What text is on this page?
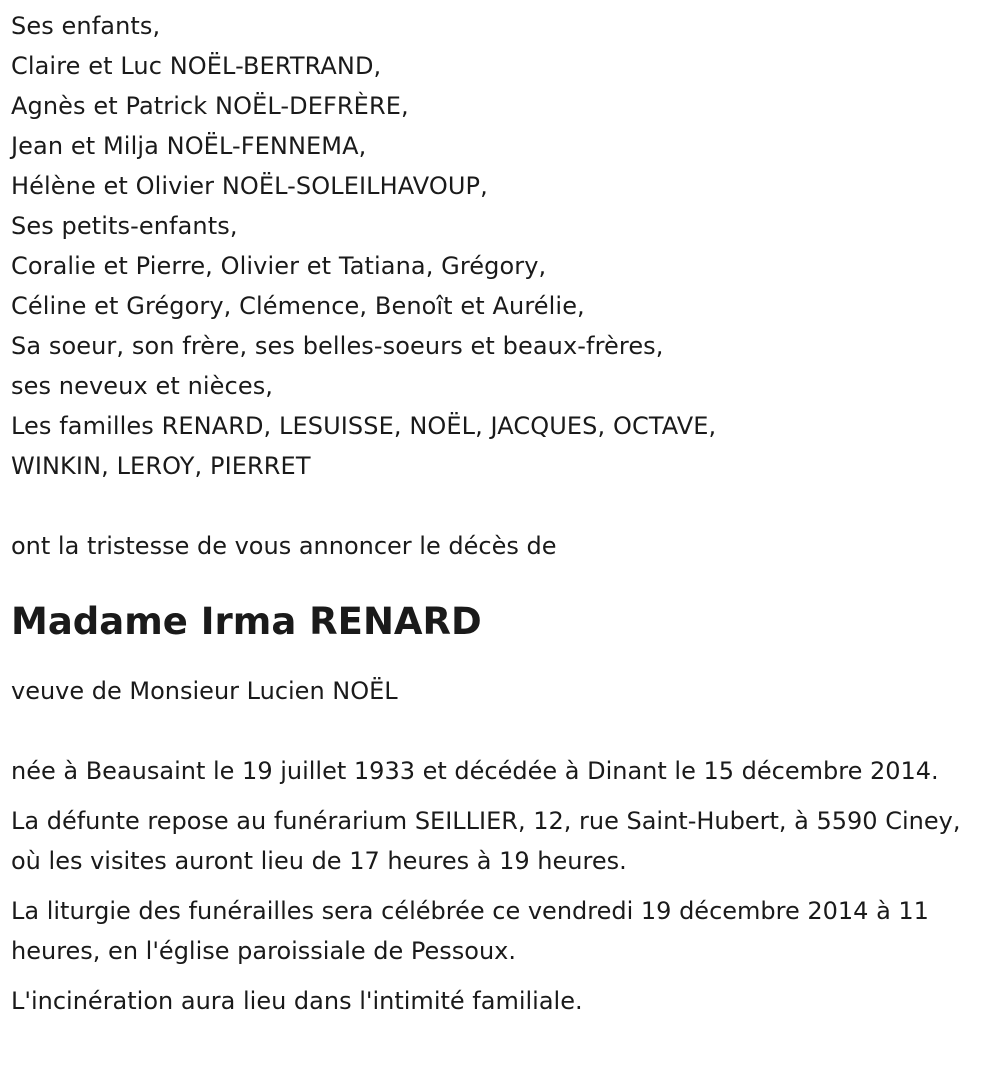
Ses enfants,
Claire et Luc NOËL-BERTRAND,
Agnès et Patrick NOËL-DEFRÈRE,
Jean et Milja NOËL-FENNEMA,
Hélène et Olivier NOËL-SOLEILHAVOUP,
Ses petits-enfants,
Coralie et Pierre, Olivier et Tatiana, Grégory,
Céline et Grégory, Clémence, Benoît et Aurélie,
Sa soeur, son frère, ses belles-soeurs et beaux-frères,
ses neveux et nièces,
Les familles RENARD, LESUISSE, NOËL, JACQUES, OCTAVE,
WINKIN, LEROY, PIERRET
ont la tristesse de vous annoncer le décès de
Madame Irma RENARD
veuve de Monsieur Lucien NOËL
née à Beausaint le 19 juillet 1933 et décédée à Dinant le 15 décembre 2014.
La défunte repose au funérarium SEILLIER, 12, rue Saint-Hubert, à 5590 Ciney, où les visites auront lieu de 17 heures à 19 heures.
La liturgie des funérailles sera célébrée ce vendredi 19 décembre 2014 à 11 heures, en l'église paroissiale de Pessoux.
L'incinération aura lieu dans l'intimité familiale.
